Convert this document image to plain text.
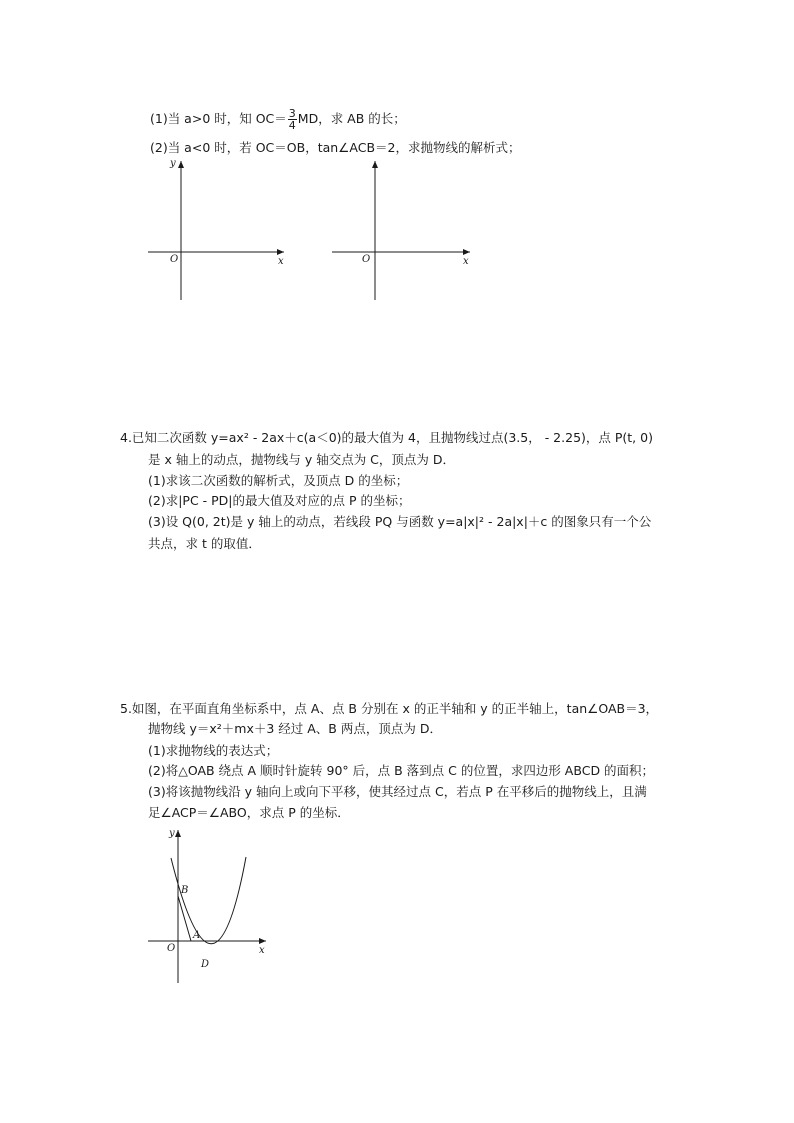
(1)当 a>0 时，知 $OC= \frac{3}{4}$ MD，求 AB 的长；
(2)当 a<0 时，若 OC＝OB，tan∠ACB＝2，求抛物线的解析式；
y
x
O	x
O
4.已知二次函数 y=ax² - 2ax＋c(a＜0)的最大值为 4，且抛物线过点(3.5， - 2.25)，点 P(t, 0)
是 x 轴上的动点，抛物线与 y 轴交点为 C，顶点为 D．
(1)求该二次函数的解析式，及顶点 D 的坐标；
(2)求|PC - PD|的最大值及对应的点 P 的坐标；
(3)设 Q(0, 2t)是 y 轴上的动点，若线段 PQ 与函数 y=a|x|² - 2a|x|＋c 的图象只有一个公
共点，求 t 的取值．
5.如图，在平面直角坐标系中，点 A、点 B 分别在 x 的正半轴和 y 的正半轴上，tan∠OAB＝3，
抛物线 y＝x²＋mx＋3 经过 A、B 两点，顶点为 D．
(1)求抛物线的表达式；
(2)将△OAB 绕点 A 顺时针旋转 90° 后，点 B 落到点 C 的位置，求四边形 ABCD 的面积；
(3)将该抛物线沿 y 轴向上或向下平移，使其经过点 C，若点 P 在平移后的抛物线上，且满
足∠ACP＝∠ABO，求点 P 的坐标．
y
x
O
B
A
D
